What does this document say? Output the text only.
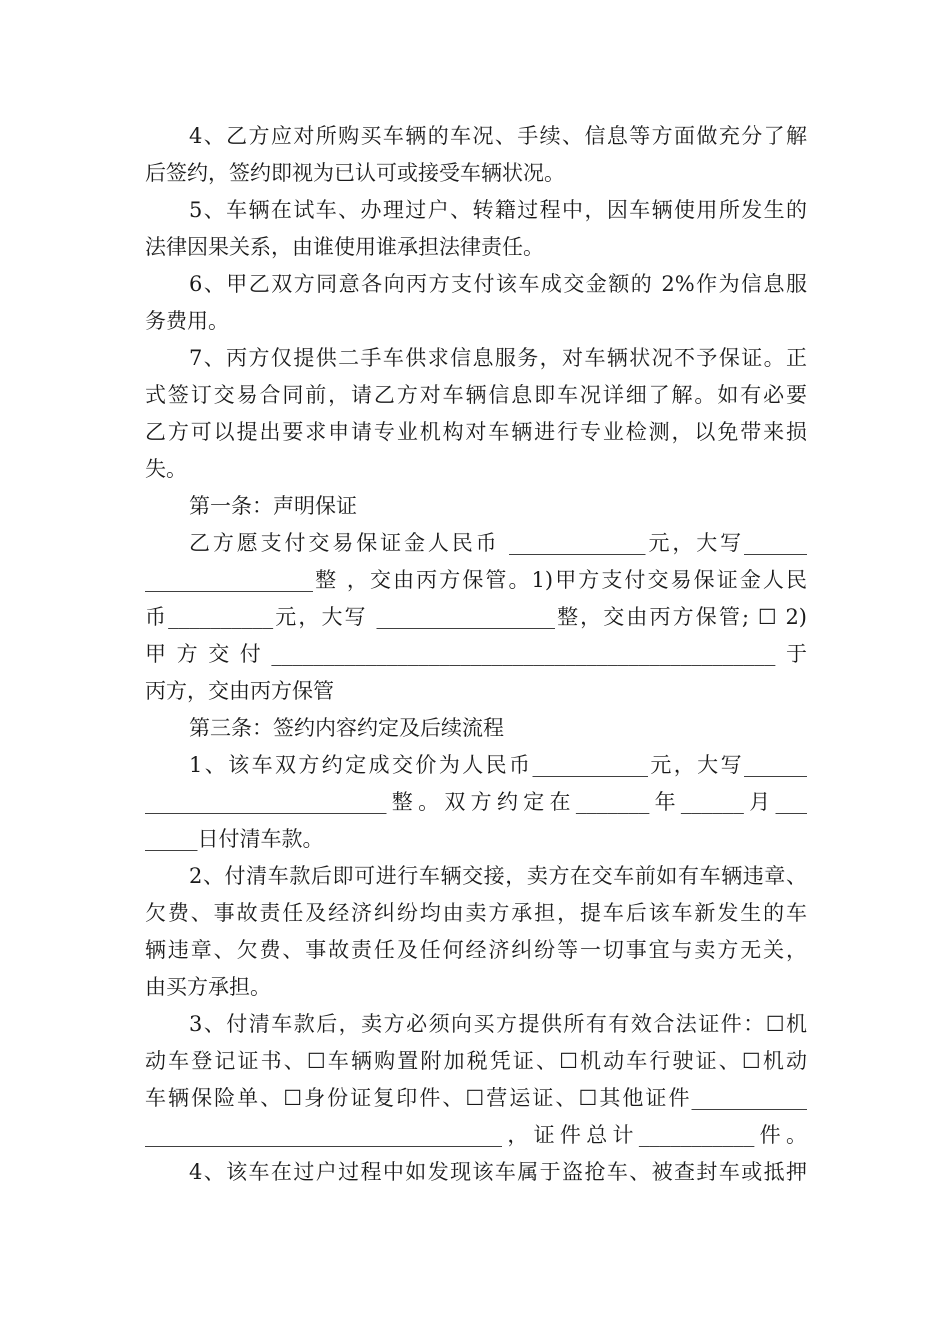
4、乙方应对所购买车辆的车况、手续、信息等方面做充分了解
后签约，签约即视为已认可或接受车辆状况。
5、车辆在试车、办理过户、转籍过程中，因车辆使用所发生的
法律因果关系，由谁使用谁承担法律责任。
6、甲乙双方同意各向丙方支付该车成交金额的 2%作为信息服
务费用。
7、丙方仅提供二手车供求信息服务，对车辆状况不予保证。正
式签订交易合同前，请乙方对车辆信息即车况详细了解。如有必要
乙方可以提出要求申请专业机构对车辆进行专业检测，以免带来损
失。
第一条：声明保证
乙方愿支付交易保证金人民币 _____________元，大写______
________________整 ，交由丙方保管。1)甲方支付交易保证金人民
币__________元，大写 _________________整，交由丙方保管; ☐ 2)
甲方交付________________________________________________于
丙方，交由丙方保管
第三条：签约内容约定及后续流程
1、该车双方约定成交价为人民币___________元，大写______
_______________________整。双方约定在_______年______月___
_____日付清车款。
2、付清车款后即可进行车辆交接，卖方在交车前如有车辆违章、
欠费、事故责任及经济纠纷均由卖方承担，提车后该车新发生的车
辆违章、欠费、事故责任及任何经济纠纷等一切事宜与卖方无关，
由买方承担。
3、付清车款后，卖方必须向买方提供所有有效合法证件：☐机
动车登记证书、☐车辆购置附加税凭证、☐机动车行驶证、☐机动
车辆保险单、☐身份证复印件、☐营运证、☐其他证件___________
__________________________________，证件总计___________件。
4、该车在过户过程中如发现该车属于盗抢车、被查封车或抵押
